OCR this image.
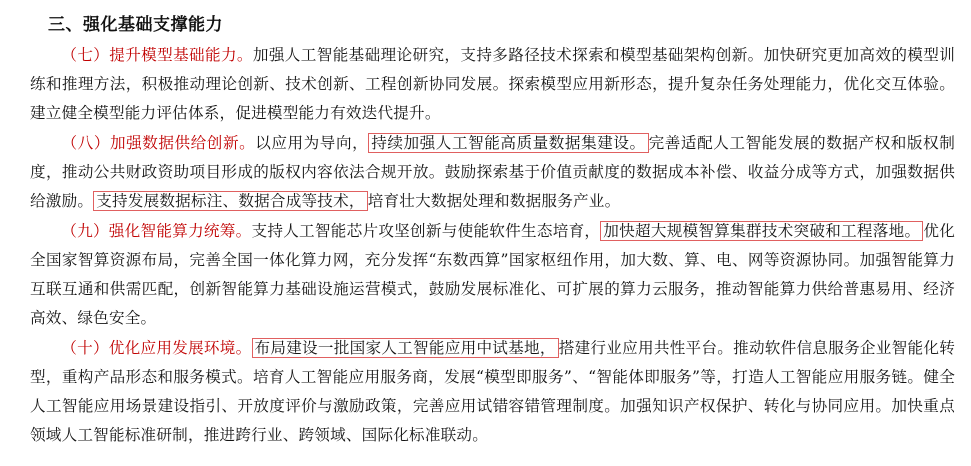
三、强化基础支撑能力
（七）提升模型基础能力。加强人工智能基础理论研究，支持多路径技术探索和模型基础架构创新。加快研究更加高效的模型训练和推理方法，积极推动理论创新、技术创新、工程创新协同发展。探索模型应用新形态，提升复杂任务处理能力，优化交互体验。建立健全模型能力评估体系，促进模型能力有效迭代提升。
（八）加强数据供给创新。以应用为导向， 持续加强人工智能高质量数据集建设。 完善适配人工智能发展的数据产权和版权制度，推动公共财政资助项目形成的版权内容依法合规开放。鼓励探索基于价值贡献度的数据成本补偿、收益分成等方式，加强数据供给激励。 支持发展数据标注、数据合成等技术， 培育壮大数据处理和数据服务产业。
（九）强化智能算力统筹。支持人工智能芯片攻坚创新与使能软件生态培育， 加快超大规模智算集群技术突破和工程落地。 优化全国家智算资源布局，完善全国一体化算力网，充分发挥“东数西算”国家枢纽作用，加大数、算、电、网等资源协同。加强智能算力互联互通和供需匹配，创新智能算力基础设施运营模式，鼓励发展标准化、可扩展的算力云服务，推动智能算力供给普惠易用、经济高效、绿色安全。
（十）优化应用发展环境。 布局建设一批国家人工智能应用中试基地， 搭建行业应用共性平台。推动软件信息服务企业智能化转型，重构产品形态和服务模式。培育人工智能应用服务商，发展“模型即服务”、“智能体即服务”等，打造人工智能应用服务链。健全人工智能应用场景建设指引、开放度评价与激励政策，完善应用试错容错管理制度。加强知识产权保护、转化与协同应用。加快重点领域人工智能标准研制，推进跨行业、跨领域、国际化标准联动。
